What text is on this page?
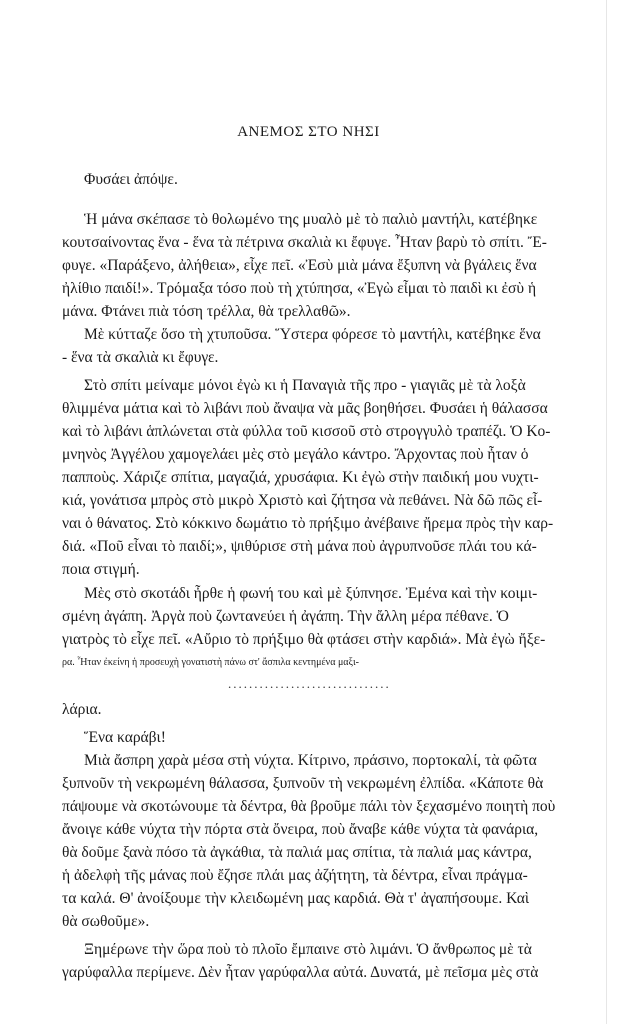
ΑΝΕΜΟΣ ΣΤΟ ΝΗΣΙ
Φυσάει ἀπόψε.
Ἡ μάνα σκέπασε τὸ θολωμένο της μυαλὸ μὲ τὸ παλιὸ μαντήλι, κατέβηκε
κουτσαίνοντας ἕνα - ἕνα τὰ πέτρινα σκαλιὰ κι ἔφυγε. Ἦταν βαρὺ τὸ σπίτι. Ἔ-
φυγε. «Παράξενο, ἀλήθεια», εἶχε πεῖ. «Ἐσὺ μιὰ μάνα ἔξυπνη νὰ βγάλεις ἕνα
ἠλίθιο παιδί!». Τρόμαξα τόσο ποὺ τὴ χτύπησα, «Ἐγὼ εἶμαι τὸ παιδὶ κι ἐσὺ ἡ
μάνα. Φτάνει πιὰ τόση τρέλλα, θὰ τρελλαθῶ».
Μὲ κύτταζε ὅσο τὴ χτυποῦσα. Ὕστερα φόρεσε τὸ μαντήλι, κατέβηκε ἕνα
- ἕνα τὰ σκαλιὰ κι ἔφυγε.
Στὸ σπίτι μείναμε μόνοι ἐγὼ κι ἡ Παναγιὰ τῆς προ - γιαγιᾶς μὲ τὰ λοξὰ
θλιμμένα μάτια καὶ τὸ λιβάνι ποὺ ἄναψα νὰ μᾶς βοηθήσει. Φυσάει ἡ θάλασσα
καὶ τὸ λιβάνι ἁπλώνεται στὰ φύλλα τοῦ κισσοῦ στὸ στρογγυλὸ τραπέζι. Ὁ Κο-
μνηνὸς Ἀγγέλου χαμογελάει μὲς στὸ μεγάλο κάντρο. Ἄρχοντας ποὺ ἦταν ὁ
παπποὺς. Χάριζε σπίτια, μαγαζιά, χρυσάφια. Κι ἐγὼ στὴν παιδική μου νυχτι-
κιά, γονάτισα μπρὸς στὸ μικρὸ Χριστὸ καὶ ζήτησα νὰ πεθάνει. Νὰ δῶ πῶς εἶ-
ναι ὁ θάνατος. Στὸ κόκκινο δωμάτιο τὸ πρήξιμο ἀνέβαινε ἤρεμα πρὸς τὴν καρ-
διά. «Ποῦ εἶναι τὸ παιδί;», ψιθύρισε στὴ μάνα ποὺ ἀγρυπνοῦσε πλάι του κά-
ποια στιγμή.
Μὲς στὸ σκοτάδι ἦρθε ἡ φωνή του καὶ μὲ ξύπνησε. Ἐμένα καὶ τὴν κοιμι-
σμένη ἀγάπη. Ἀργὰ ποὺ ζωντανεύει ἡ ἀγάπη. Τὴν ἄλλη μέρα πέθανε. Ὁ
γιατρὸς τὸ εἶχε πεῖ. «Αὔριο τὸ πρήξιμο θὰ φτάσει στὴν καρδιά». Μὰ ἐγὼ ἤξε-
ρα. Ἦταν ἐκείνη ἡ προσευχὴ γονατιστὴ πάνω στ' ἄσπιλα κεντημένα μαξι-
...............................
λάρια.
Ἕνα καράβι!
Μιὰ ἄσπρη χαρὰ μέσα στὴ νύχτα. Κίτρινο, πράσινο, πορτοκαλί, τὰ φῶτα
ξυπνοῦν τὴ νεκρωμένη θάλασσα, ξυπνοῦν τὴ νεκρωμένη ἐλπίδα. «Κάποτε θὰ
πάψουμε νὰ σκοτώνουμε τὰ δέντρα, θὰ βροῦμε πάλι τὸν ξεχασμένο ποιητὴ ποὺ
ἄνοιγε κάθε νύχτα τὴν πόρτα στὰ ὄνειρα, ποὺ ἄναβε κάθε νύχτα τὰ φανάρια,
θὰ δοῦμε ξανὰ πόσο τὰ ἀγκάθια, τὰ παλιά μας σπίτια, τὰ παλιά μας κάντρα,
ἡ ἀδελφὴ τῆς μάνας ποὺ ἔζησε πλάι μας ἀζήτητη, τὰ δέντρα, εἶναι πράγμα-
τα καλά. Θ' ἀνοίξουμε τὴν κλειδωμένη μας καρδιά. Θὰ τ' ἀγαπήσουμε. Καὶ
θὰ σωθοῦμε».
Ξημέρωνε τὴν ὥρα ποὺ τὸ πλοῖο ἔμπαινε στὸ λιμάνι. Ὁ ἄνθρωπος μὲ τὰ
γαρύφαλλα περίμενε. Δὲν ἦταν γαρύφαλλα αὐτά. Δυνατά, μὲ πεῖσμα μὲς στὰ
